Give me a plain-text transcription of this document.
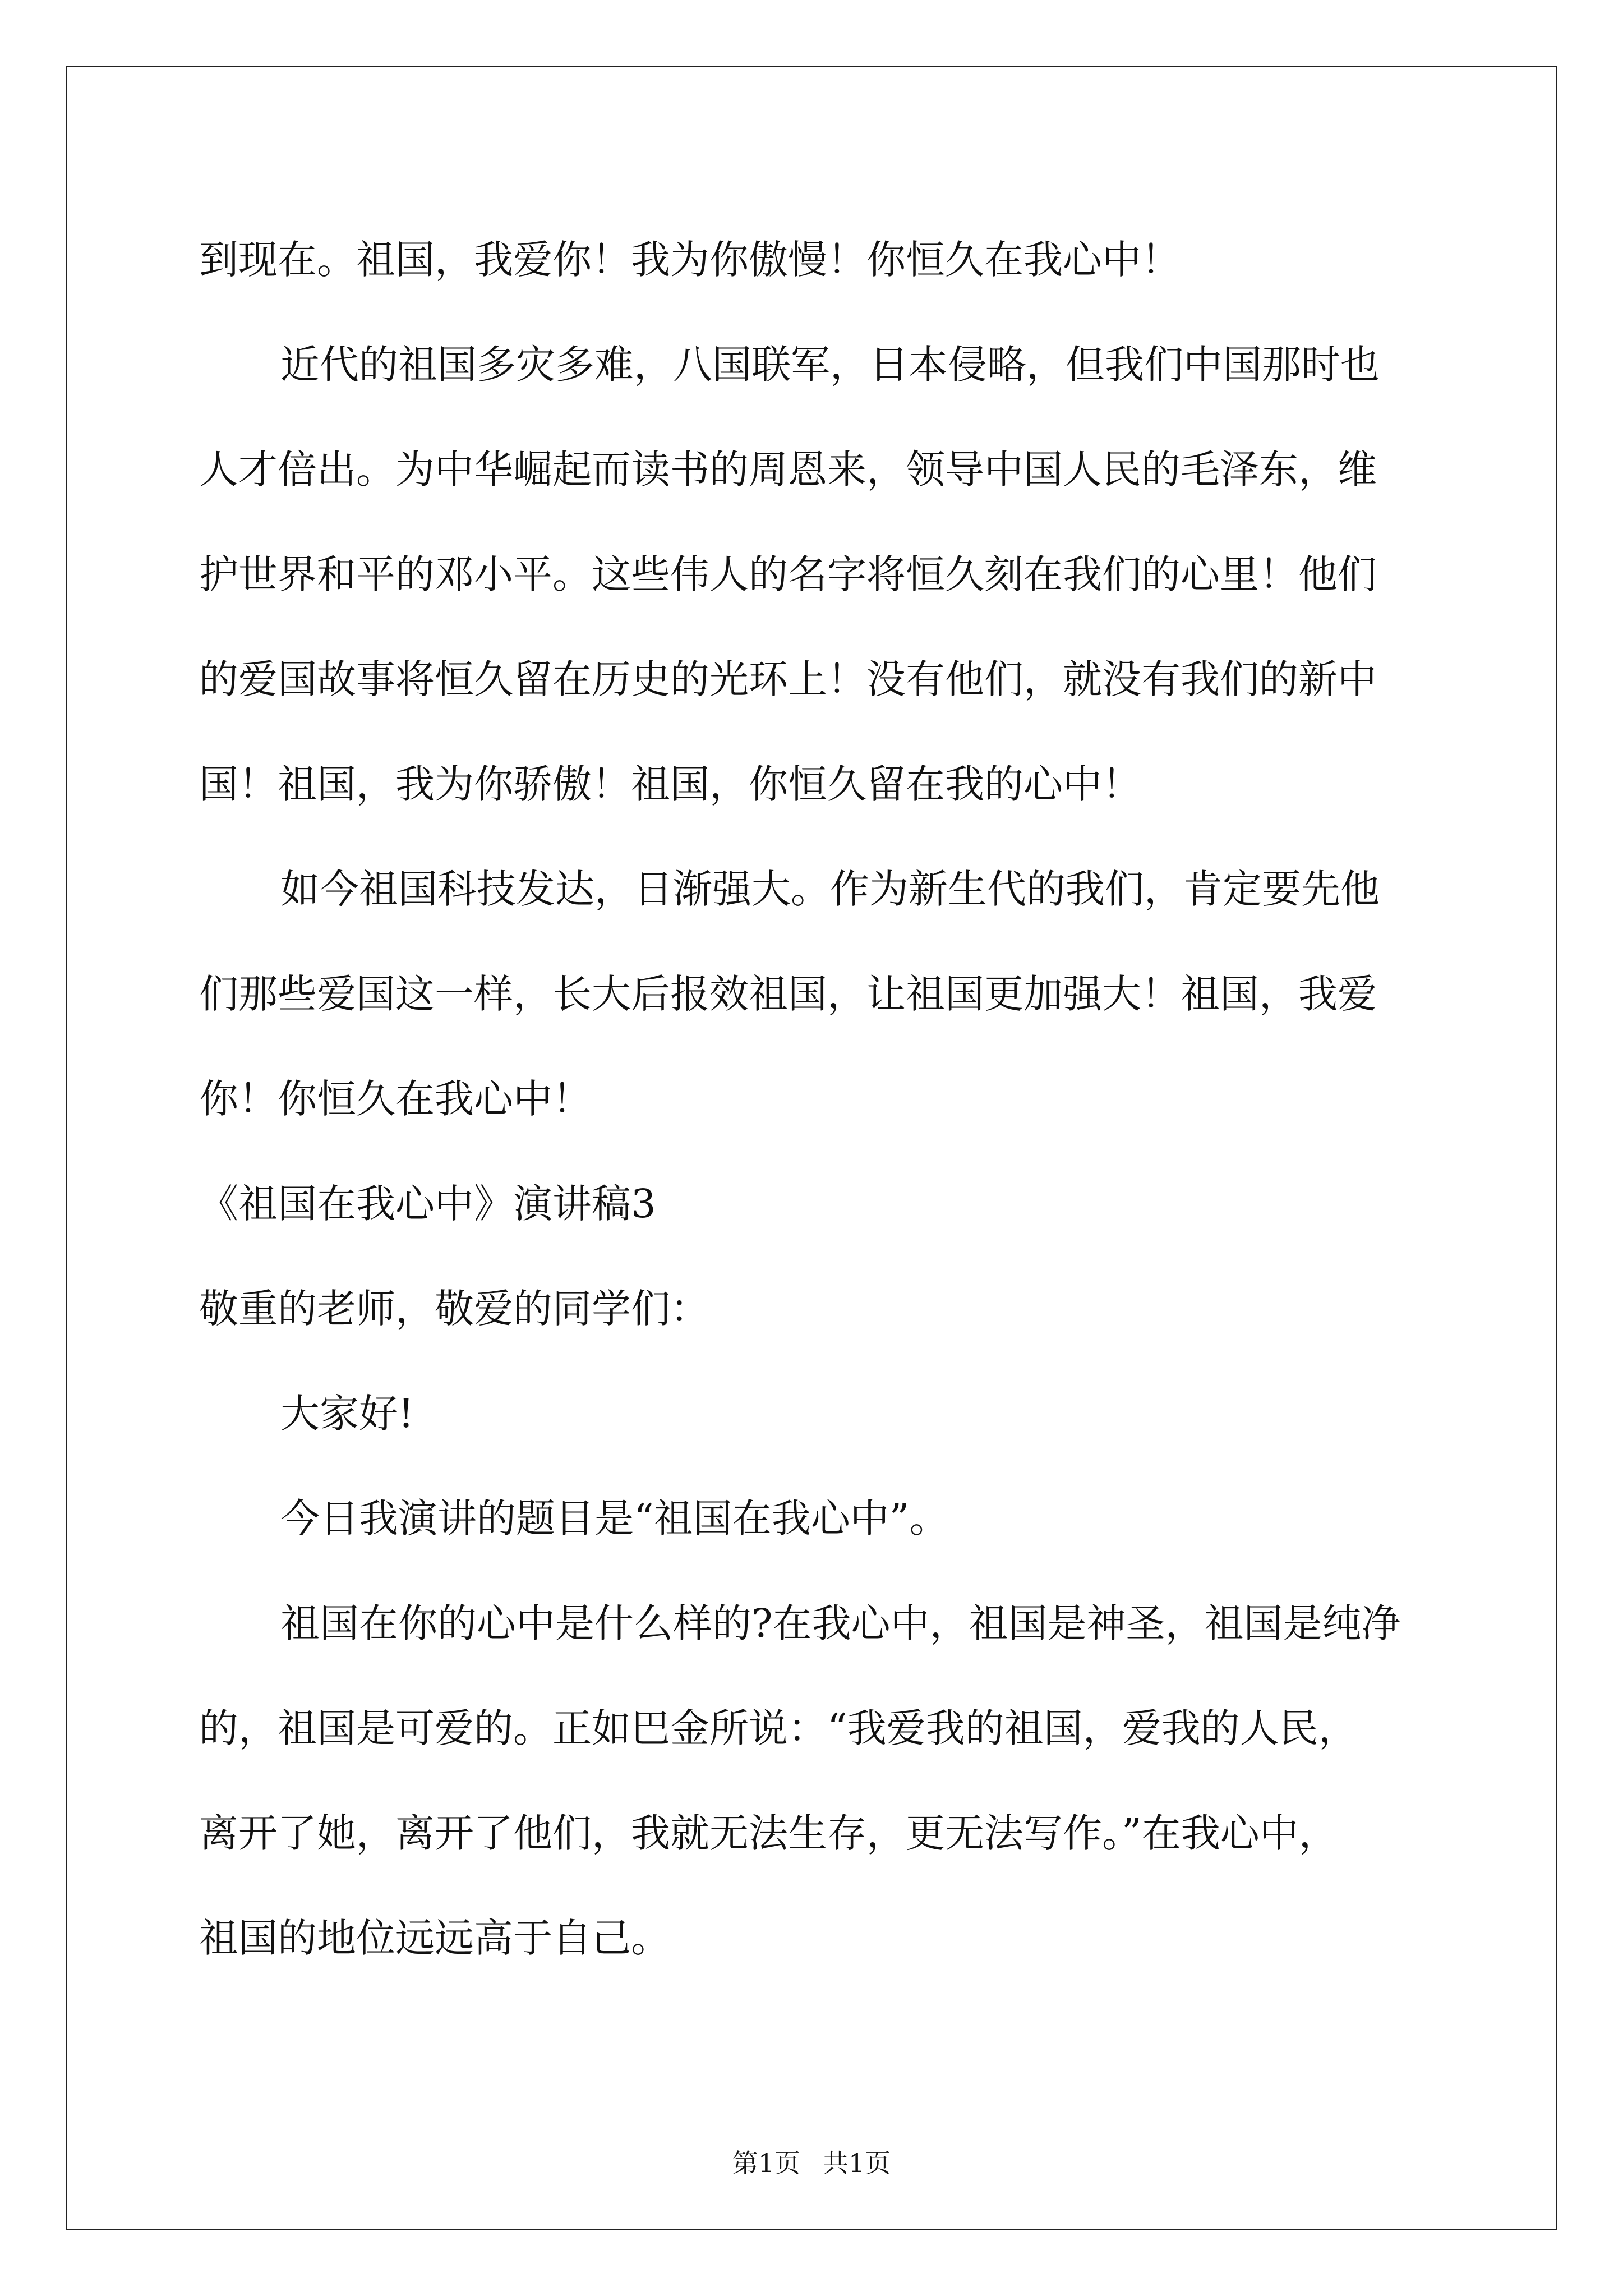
到现在。祖国，我爱你！我为你傲慢！你恒久在我心中！
近代的祖国多灾多难，八国联军，日本侵略，但我们中国那时也
人才倍出。为中华崛起而读书的周恩来，领导中国人民的毛泽东，维
护世界和平的邓小平。这些伟人的名字将恒久刻在我们的心里！他们
的爱国故事将恒久留在历史的光环上！没有他们，就没有我们的新中
国！祖国，我为你骄傲！祖国，你恒久留在我的心中！
如今祖国科技发达，日渐强大。作为新生代的我们，肯定要先他
们那些爱国这一样，长大后报效祖国，让祖国更加强大！祖国，我爱
你！你恒久在我心中！
《祖国在我心中》演讲稿3
敬重的老师，敬爱的同学们：
大家好!
今日我演讲的题目是“祖国在我心中”。
祖国在你的心中是什么样的?在我心中，祖国是神圣，祖国是纯净
的，祖国是可爱的。正如巴金所说：“我爱我的祖国，爱我的人民，
离开了她，离开了他们，我就无法生存，更无法写作。”在我心中，
祖国的地位远远高于自己。
第1页 共1页
